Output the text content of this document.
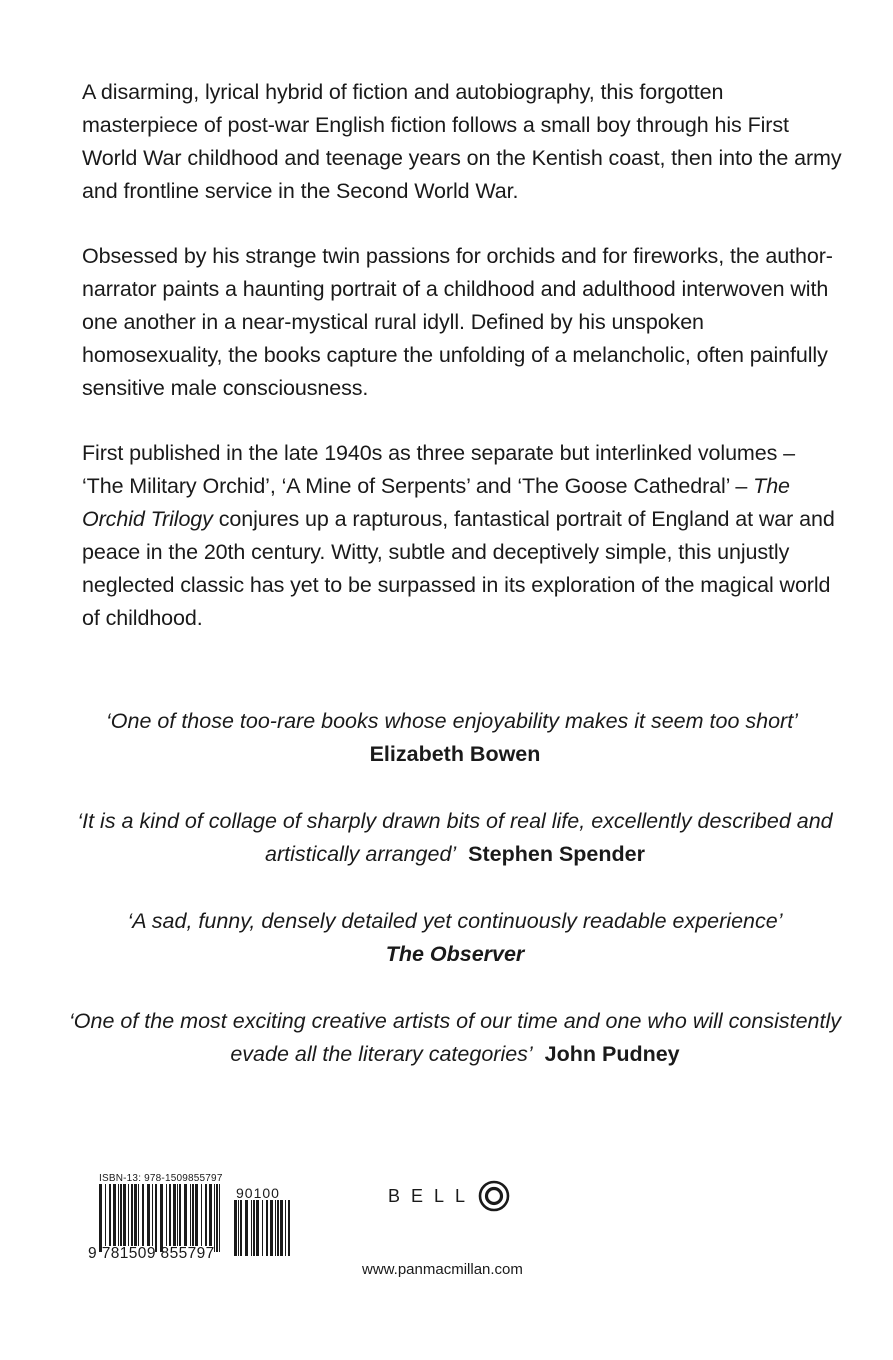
A disarming, lyrical hybrid of fiction and autobiography, this forgotten masterpiece of post-war English fiction follows a small boy through his First World War childhood and teenage years on the Kentish coast, then into the army and frontline service in the Second World War.

Obsessed by his strange twin passions for orchids and for fireworks, the author-narrator paints a haunting portrait of a childhood and adulthood interwoven with one another in a near-mystical rural idyll. Defined by his unspoken homosexuality, the books capture the unfolding of a melancholic, often painfully sensitive male consciousness.

First published in the late 1940s as three separate but interlinked volumes – ‘The Military Orchid’, ‘A Mine of Serpents’ and ‘The Goose Cathedral’ – The Orchid Trilogy conjures up a rapturous, fantastical portrait of England at war and peace in the 20th century. Witty, subtle and deceptively simple, this unjustly neglected classic has yet to be surpassed in its exploration of the magical world of childhood.

‘One of those too-rare books whose enjoyability makes it seem too short’  Elizabeth Bowen

‘It is a kind of collage of sharply drawn bits of real life, excellently described and artistically arranged’ Stephen Spender

‘A sad, funny, densely detailed yet continuously readable experience’
The Observer

‘One of the most exciting creative artists of our time and one who will consistently evade all the literary categories’ John Pudney

ISBN-13: 978-1509855797
90100
9 781509 855797
BELL
www.panmacmillan.com
